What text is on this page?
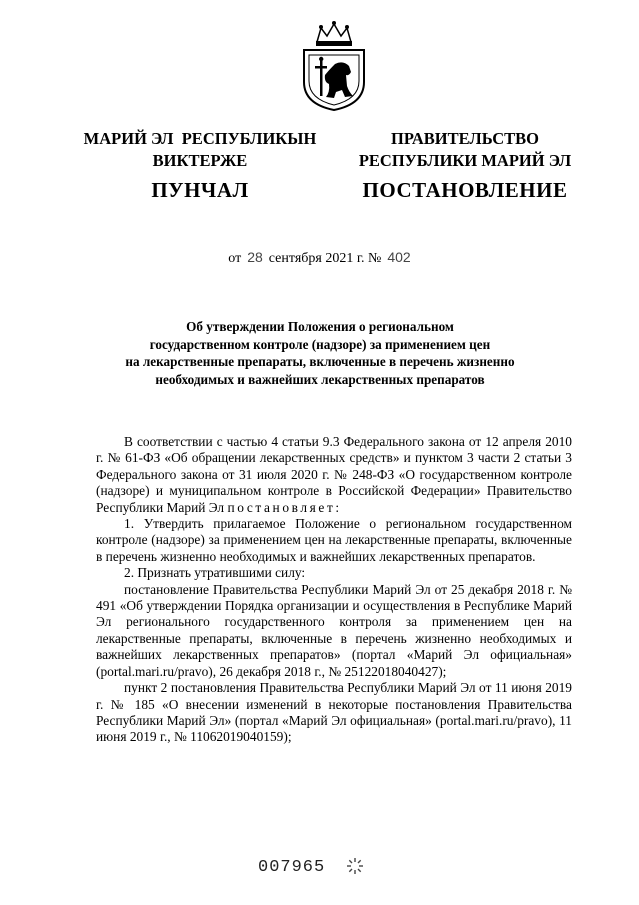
МАРИЙ ЭЛ  РЕСПУБЛИКЫН
ВИКТЕРЖЕ
ПУНЧАЛ
ПРАВИТЕЛЬСТВО
РЕСПУБЛИКИ МАРИЙ ЭЛ
ПОСТАНОВЛЕНИЕ
от 28 сентября 2021 г. № 402
Об утверждении Положения о региональном
государственном контроле (надзоре) за применением цен
на лекарственные препараты, включенные в перечень жизненно
необходимых и важнейших лекарственных препаратов

В соответствии с частью 4 статьи 9.3 Федерального закона от 12 апреля 2010 г. № 61-ФЗ «Об обращении лекарственных средств» и пунктом 3 части 2 статьи 3 Федерального закона от 31 июля 2020 г. № 248-ФЗ «О государственном контроле (надзоре) и муниципальном контроле в Российской Федерации» Правительство Республики Марий Эл постановляет:

1. Утвердить прилагаемое Положение о региональном государственном контроле (надзоре) за применением цен на лекарственные препараты, включенные в перечень жизненно необходимых и важнейших лекарственных препаратов.

2. Признать утратившими силу:

постановление Правительства Республики Марий Эл от 25 декабря 2018 г. № 491 «Об утверждении Порядка организации и осуществления в Республике Марий Эл регионального государственного контроля за применением цен на лекарственные препараты, включенные в перечень жизненно необходимых и важнейших лекарственных препаратов» (портал «Марий Эл официальная» (portal.mari.ru/pravo), 26 декабря 2018 г., № 25122018040427);

пункт 2 постановления Правительства Республики Марий Эл от 11 июня 2019 г. № 185 «О внесении изменений в некоторые постановления Правительства Республики Марий Эл» (портал «Марий Эл официальная» (portal.mari.ru/pravo), 11 июня 2019 г., № 11062019040159);

007965
